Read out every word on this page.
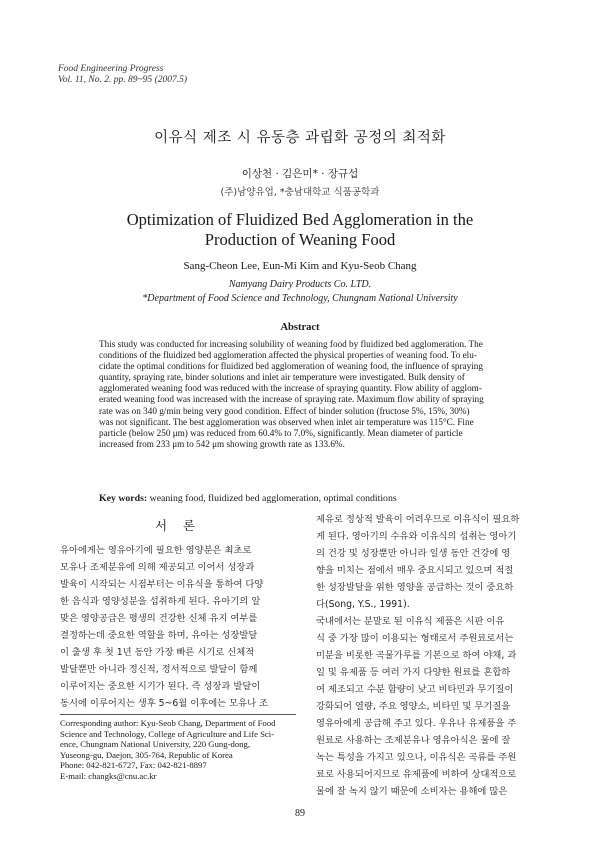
Food Engineering Progress
Vol. 11, No. 2. pp. 89~95 (2007.5)
이유식 제조 시 유동층 과립화 공정의 최적화
이상천 · 김은미* · 장규섭
(주)남양유업, *충남대학교 식품공학과
Optimization of Fluidized Bed Agglomeration in the
Production of Weaning Food
Sang-Cheon Lee, Eun-Mi Kim and Kyu-Seob Chang
Namyang Dairy Products Co. LTD.
*Department of Food Science and Technology, Chungnam National University
Abstract
This study was conducted for increasing solubility of weaning food by fluidized bed agglomeration. The
conditions of the fluidized bed agglomeration affected the physical properties of weaning food. To elu-
cidate the optimal conditions for fluidized bed agglomeration of weaning food, the influence of spraying
quantity, spraying rate, binder solutions and inlet air temperature were investigated. Bulk density of
agglomerated weaning food was reduced with the increase of spraying quantity. Flow ability of agglom-
erated weaning food was increased with the increase of spraying rate. Maximum flow ability of spraying
rate was on 340 g/min being very good condition. Effect of binder solution (fructose 5%, 15%, 30%)
was not significant. The best agglomeration was observed when inlet air temperature was 115°C. Fine
particle (below 250 μm) was reduced from 60.4% to 7.0%, significantly. Mean diameter of particle
increased from 233 μm to 542 μm showing growth rate as 133.6%.
Key words: weaning food, fluidized bed agglomeration, optimal conditions
서 론
유아에게는 영유아기에 필요한 영양분은 최초로
모유나 조제분유에 의해 제공되고 이어서 성장과
발육이 시작되는 시점부터는 이유식을 통하여 다양
한 음식과 영양성분을 섭취하게 된다. 유아기의 알
맞은 영양공급은 평생의 건강한 신체 유지 여부를
결정하는데 중요한 역할을 하며, 유아는 성장발달
이 출생 후 첫 1년 동안 가장 빠른 시기로 신체적
발달뿐만 아니라 정신적, 정서적으로 발달이 함께
이루어지는 중요한 시기가 된다. 즉 성장과 발달이
동시에 이루어지는 생후 5~6월 이후에는 모유나 조
제유로 정상적 발육이 어려우므로 이유식이 필요하
게 된다. 영아기의 수유와 이유식의 섭취는 영아기
의 건강 및 성장뿐만 아니라 일생 동안 건강에 영
향을 미치는 점에서 매우 중요시되고 있으며 적절
한 성장발달을 위한 영양을 공급하는 것이 중요하
다(Song, Y.S., 1991).
국내에서는 분말로 된 이유식 제품은 시판 이유
식 중 가장 많이 이용되는 형태로서 주원료로서는
미분을 비롯한 곡물가루를 기본으로 하여 야채, 과
일 및 유제품 등 여러 가지 다양한 원료를 혼합하
여 제조되고 수분 함량이 낮고 비타민과 무기질이
강화되어 열량, 주요 영양소, 비타민 및 무기질을
영유아에게 공급해 주고 있다. 우유나 유제품을 주
원료로 사용하는 조제분유나 영유아식은 물에 잘
녹는 특성을 가지고 있으나, 이유식은 곡류를 주원
료로 사용되어지므로 유제품에 비하여 상대적으로
물에 잘 녹지 않기 때문에 소비자는 용해에 많은
Corresponding author: Kyu-Seob Chang, Department of Food
Science and Technology, College of Agriculture and Life Sci-
ence, Chungnam National University, 220 Gung-dong,
Yuseong-gu, Daejon, 305-764, Republic of Korea
Phone: 042-821-6727, Fax: 042-821-8897
E-mail: changks@cnu.ac.kr
89
